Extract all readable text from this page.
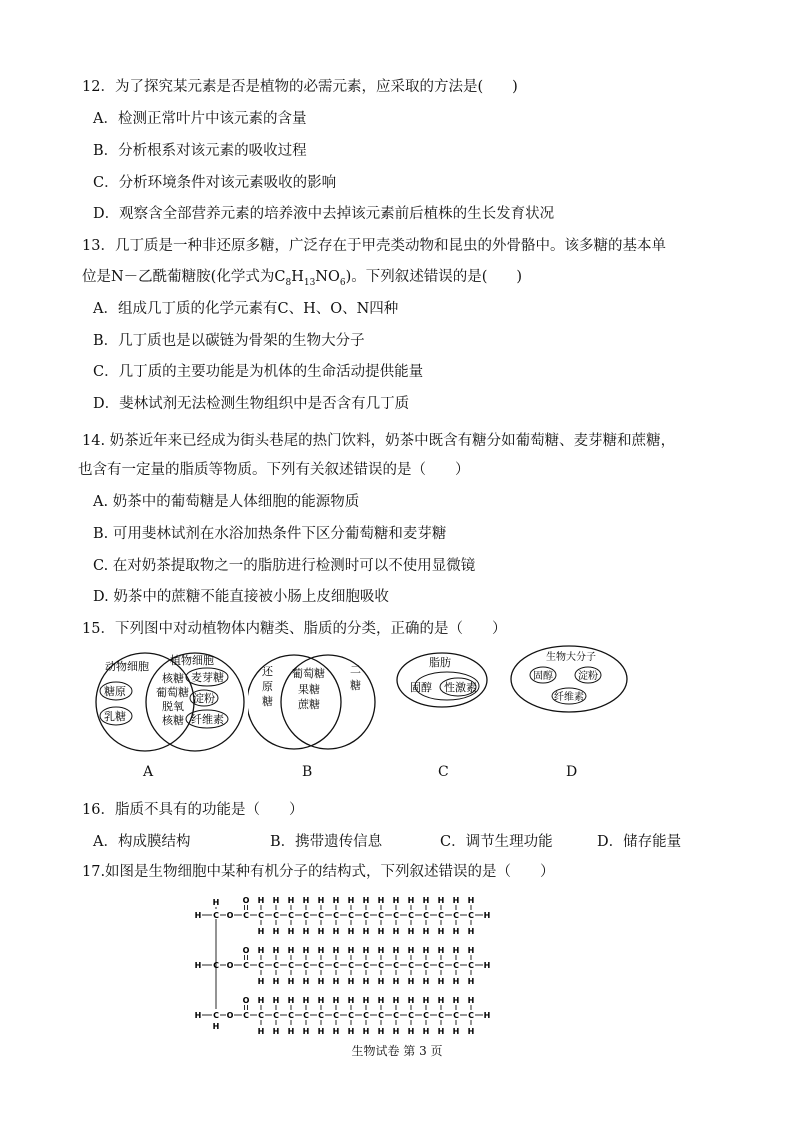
12．为了探究某元素是否是植物的必需元素，应采取的方法是(　　)
A．检测正常叶片中该元素的含量
B．分析根系对该元素的吸收过程
C．分析环境条件对该元素吸收的影响
D．观察含全部营养元素的培养液中去掉该元素前后植株的生长发育状况
13．几丁质是一种非还原多糖，广泛存在于甲壳类动物和昆虫的外骨骼中。该多糖的基本单
位是N－乙酰葡糖胺(化学式为$C_8H_{13}NO_6$)。下列叙述错误的是(　　)
A．组成几丁质的化学元素有C、H、O、N四种
B．几丁质也是以碳链为骨架的生物大分子
C．几丁质的主要功能是为机体的生命活动提供能量
D．斐林试剂无法检测生物组织中是否含有几丁质
14. 奶茶近年来已经成为街头巷尾的热门饮料，奶茶中既含有糖分如葡萄糖、麦芽糖和蔗糖，
也含有一定量的脂质等物质。下列有关叙述错误的是（　　）
A. 奶茶中的葡萄糖是人体细胞的能源物质
B. 可用斐林试剂在水浴加热条件下区分葡萄糖和麦芽糖
C. 在对奶茶提取物之一的脂肪进行检测时可以不使用显微镜
D. 奶茶中的蔗糖不能直接被小肠上皮细胞吸收
15．下列图中对动植物体内糖类、脂质的分类，正确的是（　　）
动物细胞 植物细胞
糖原
乳糖
核糖
葡萄糖
脱氧
核糖
麦芽糖
淀粉
纤维素
还
原
糖
葡萄糖
果糖
蔗糖
二
糖
脂肪
固醇 性激素
生物大分子
固醇	淀粉
纤维素
A	B	C	D
16．脂质不具有的功能是（　　）
A．构成膜结构	B．携带遗传信息	C．调节生理功能	D．储存能量
17.如图是生物细胞中某种有机分子的结构式，下列叙述错误的是（　　）
H
H
H C O C
O
C
H
H
C
H
H
C
H
H
C
H
H
C
H
H
C
H
H
C
H
H
C
H
H
C
H
H
C
H
H
C
H
H
C
H
H
C
H
H
C
H
H
C
H
H
H
H C O C
O
C
H
H
C
H
H
C
H
H
C
H
H
C
H
H
C
H
H
C
H
H
C
H
H
C
H
H
C
H
H
C
H
H
C
H
H
C
H
H
C
H
H
C
H
H
H
H C O C
O
C
H
H
C
H
H
C
H
H
C
H
H
C
H
H
C
H
H
C
H
H
C
H
H
C
H
H
C
H
H
C
H
H
C
H
H
C
H
H
C
H
H
C
H
H
H
生物试卷 第 3 页
